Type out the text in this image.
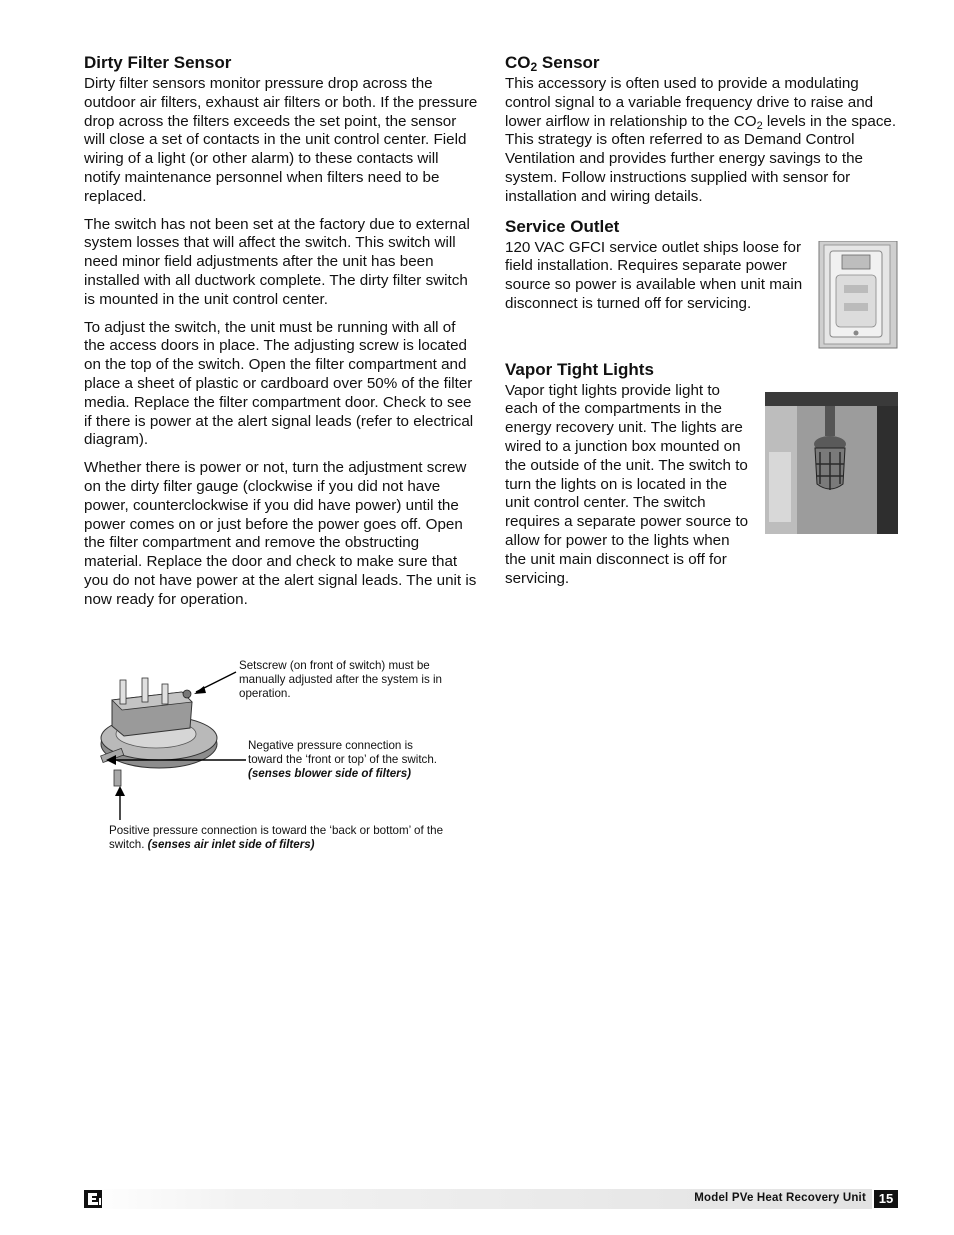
Dirty Filter Sensor

Dirty filter sensors monitor pressure drop across the outdoor air filters, exhaust air filters or both. If the pressure drop across the filters exceeds the set point, the sensor will close a set of contacts in the unit control center. Field wiring of a light (or other alarm) to these contacts will notify maintenance personnel when filters need to be replaced.

The switch has not been set at the factory due to external system losses that will affect the switch. This switch will need minor field adjustments after the unit has been installed with all ductwork complete. The dirty filter switch is mounted in the unit control center.

To adjust the switch, the unit must be running with all of the access doors in place. The adjusting screw is located on the top of the switch. Open the filter compartment and place a sheet of plastic or cardboard over 50% of the filter media. Replace the filter compartment door. Check to see if there is power at the alert signal leads (refer to electrical diagram).

Whether there is power or not, turn the adjustment screw on the dirty filter gauge (clockwise if you did not have power, counterclockwise if you did have power) until the power comes on or just before the power goes off. Open the filter compartment and remove the obstructing material. Replace the door and check to make sure that you do not have power at the alert signal leads. The unit is now ready for operation.

Setscrew (on front of switch) must be manually adjusted after the system is in operation.
Negative pressure connection is toward the ‘front or top’ of the switch. (senses blower side of filters)
Positive pressure connection is toward the ‘back or bottom’ of the switch. (senses air inlet side of filters)
$CO_2$ Sensor

This accessory is often used to provide a modulating control signal to a variable frequency drive to raise and lower airflow in relationship to the $CO_2$ levels in the space. This strategy is often referred to as Demand Control Ventilation and provides further energy savings to the system. Follow instructions supplied with sensor for installation and wiring details.

Service Outlet

120 VAC GFCI service outlet ships loose for field installation. Requires separate power source so power is available when unit main disconnect is turned off for servicing.

Vapor Tight Lights

Vapor tight lights provide light to each of the compartments in the energy recovery unit. The lights are wired to a junction box mounted on the outside of the unit. The switch to turn the lights on is located in the unit control center. The switch requires a separate power source to allow for power to the lights when the unit main disconnect is off for servicing.

Model PVe Heat Recovery Unit 15
